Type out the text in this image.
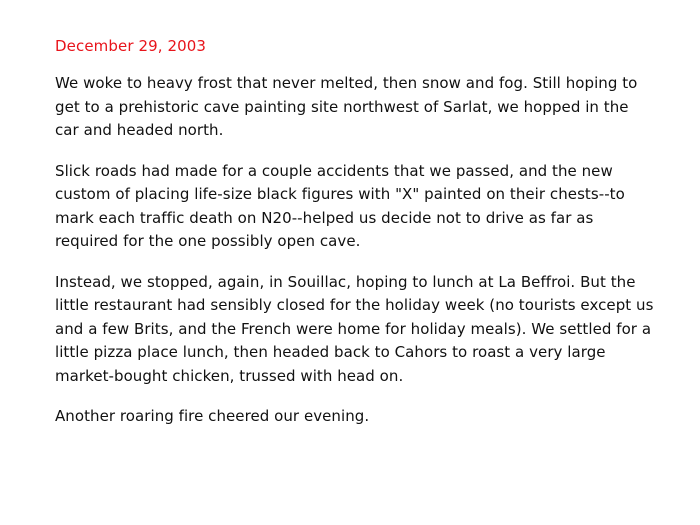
December 29, 2003

We woke to heavy frost that never melted, then snow and fog. Still hoping to get to a prehistoric cave painting site northwest of Sarlat, we hopped in the car and headed north.

Slick roads had made for a couple accidents that we passed, and the new custom of placing life-size black figures with "X" painted on their chests--to mark each traffic death on N20--helped us decide not to drive as far as required for the one possibly open cave.

Instead, we stopped, again, in Souillac, hoping to lunch at La Beffroi. But the little restaurant had sensibly closed for the holiday week (no tourists except us and a few Brits, and the French were home for holiday meals). We settled for a little pizza place lunch, then headed back to Cahors to roast a very large market-bought chicken, trussed with head on.

Another roaring fire cheered our evening.
